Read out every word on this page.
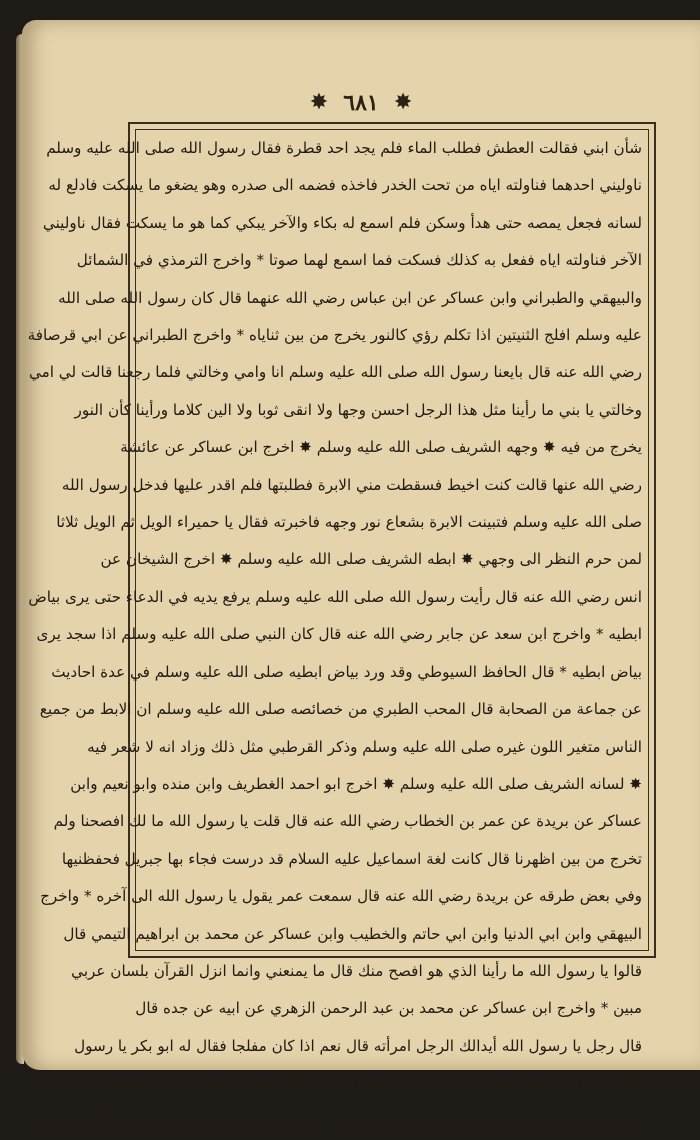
✸ ٦٨١ ✸
شأن ابني فقالت العطش فطلب الماء فلم يجد احد قطرة فقال رسول الله صلى الله عليه وسلم
ناوليني احدهما فناولته اياه من تحت الخدر فاخذه فضمه الى صدره وهو يضغو ما يسكت فادلع له
لسانه فجعل يمصه حتى هدأ وسكن فلم اسمع له بكاء والآخر يبكي كما هو ما يسكت فقال ناوليني
الآخر فناولته اياه ففعل به كذلك فسكت فما اسمع لهما صوتا * واخرج الترمذي في الشمائل
والبيهقي والطبراني وابن عساكر عن ابن عباس رضي الله عنهما قال كان رسول الله صلى الله
عليه وسلم افلج الثنيتين اذا تكلم رؤي كالنور يخرج من بين ثناياه * واخرج الطبراني عن ابي قرصافة
رضي الله عنه قال بايعنا رسول الله صلى الله عليه وسلم انا وامي وخالتي فلما رجعنا قالت لي امي
وخالتي يا بني ما رأينا مثل هذا الرجل احسن وجها ولا انقى ثوبا ولا الين كلاما ورأينا كأن النور
يخرج من فيه ✸ وجهه الشريف صلى الله عليه وسلم ✸ اخرج ابن عساكر عن عائشة
رضي الله عنها قالت كنت اخيط فسقطت مني الابرة فطلبتها فلم اقدر عليها فدخل رسول الله
صلى الله عليه وسلم فتبينت الابرة بشعاع نور وجهه فاخبرته فقال يا حميراء الويل ثم الويل ثلاثا
لمن حرم النظر الى وجهي ✸ ابطه الشريف صلى الله عليه وسلم ✸ اخرج الشيخان عن
انس رضي الله عنه قال رأيت رسول الله صلى الله عليه وسلم يرفع يديه في الدعاء حتى يرى بياض
ابطيه * واخرج ابن سعد عن جابر رضي الله عنه قال كان النبي صلى الله عليه وسلم اذا سجد يرى
بياض ابطيه * قال الحافظ السيوطي وقد ورد بياض ابطيه صلى الله عليه وسلم في عدة احاديث
عن جماعة من الصحابة قال المحب الطبري من خصائصه صلى الله عليه وسلم ان الابط من جميع
الناس متغير اللون غيره صلى الله عليه وسلم وذكر القرطبي مثل ذلك وزاد انه لا شعر فيه
✸ لسانه الشريف صلى الله عليه وسلم ✸ اخرج ابو احمد الغطريف وابن منده وابو نعيم وابن
عساكر عن بريدة عن عمر بن الخطاب رضي الله عنه قال قلت يا رسول الله ما لك افصحنا ولم
تخرج من بين اظهرنا قال كانت لغة اسماعيل عليه السلام قد درست فجاء بها جبريل فحفظنيها
وفي بعض طرقه عن بريدة رضي الله عنه قال سمعت عمر يقول يا رسول الله الى آخره * واخرج
البيهقي وابن ابي الدنيا وابن ابي حاتم والخطيب وابن عساكر عن محمد بن ابراهيم التيمي قال
قالوا يا رسول الله ما رأينا الذي هو افصح منك قال ما يمنعني وانما انزل القرآن بلسان عربي
مبين * واخرج ابن عساكر عن محمد بن عبد الرحمن الزهري عن ابيه عن جده قال
قال رجل يا رسول الله أيدالك الرجل امرأته قال نعم اذا كان مفلجا فقال له ابو بكر يا رسول
الله ما قال لك وما قلت له قال انه قال ايماطل الرجل اهله قلت له نعم اذا كان مفلسا قال
ابو بكر يا رسول الله لقد طفت في العرب وسمعت فصحاءهم فما سمعت افصح منك قال ادبني ربي
